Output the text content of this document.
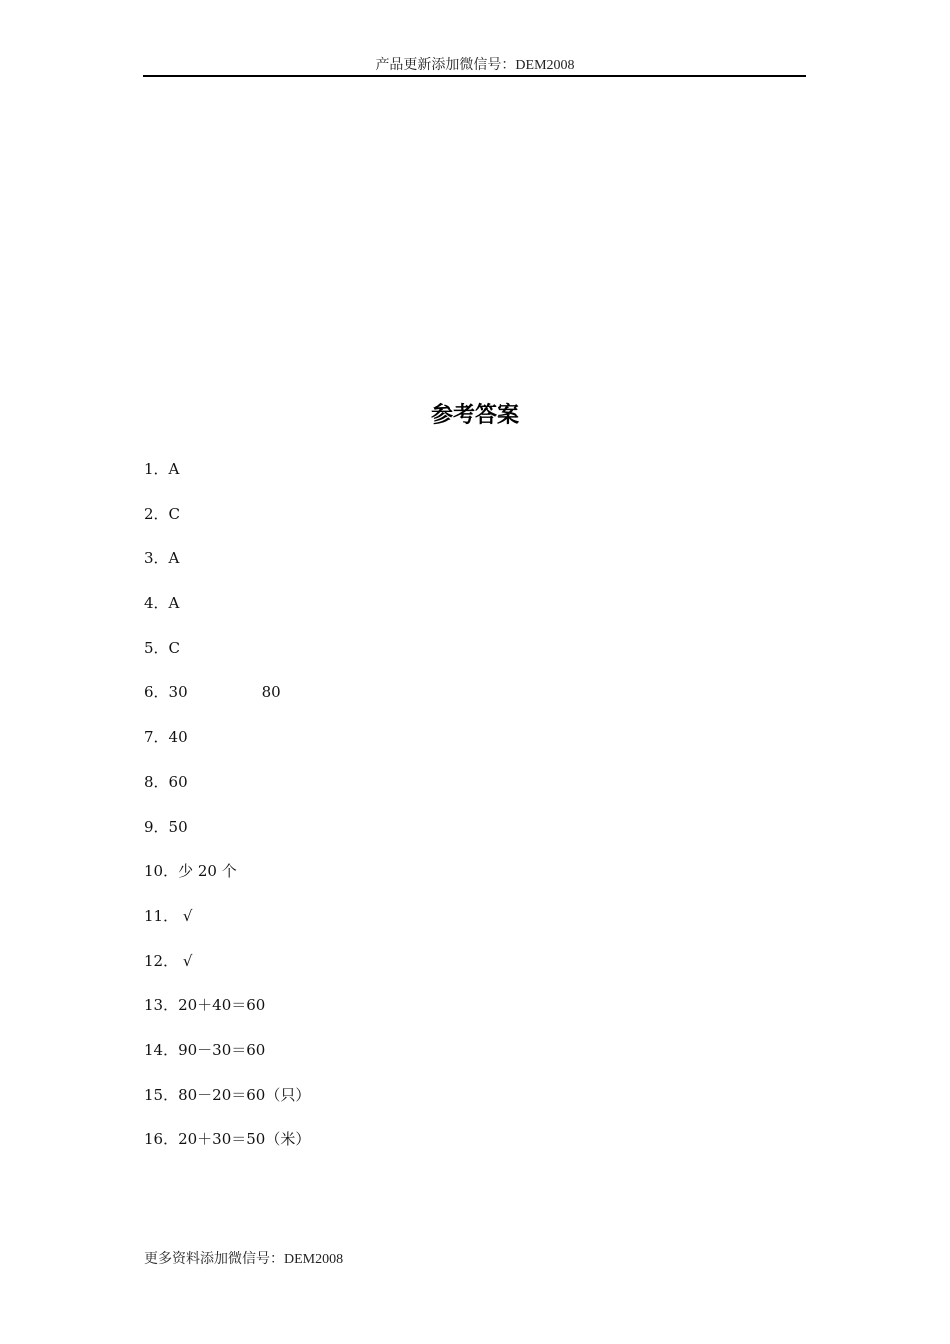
产品更新添加微信号：DEM2008
参考答案
1．A
2．C
3．A
4．A
5．C
6．30	80
7．40
8．60
9．50
10．少 20 个
11． √
12． √
13．20＋40＝60
14．90－30＝60
15．80－20＝60（只）
16．20＋30＝50（米）
更多资料添加微信号：DEM2008
